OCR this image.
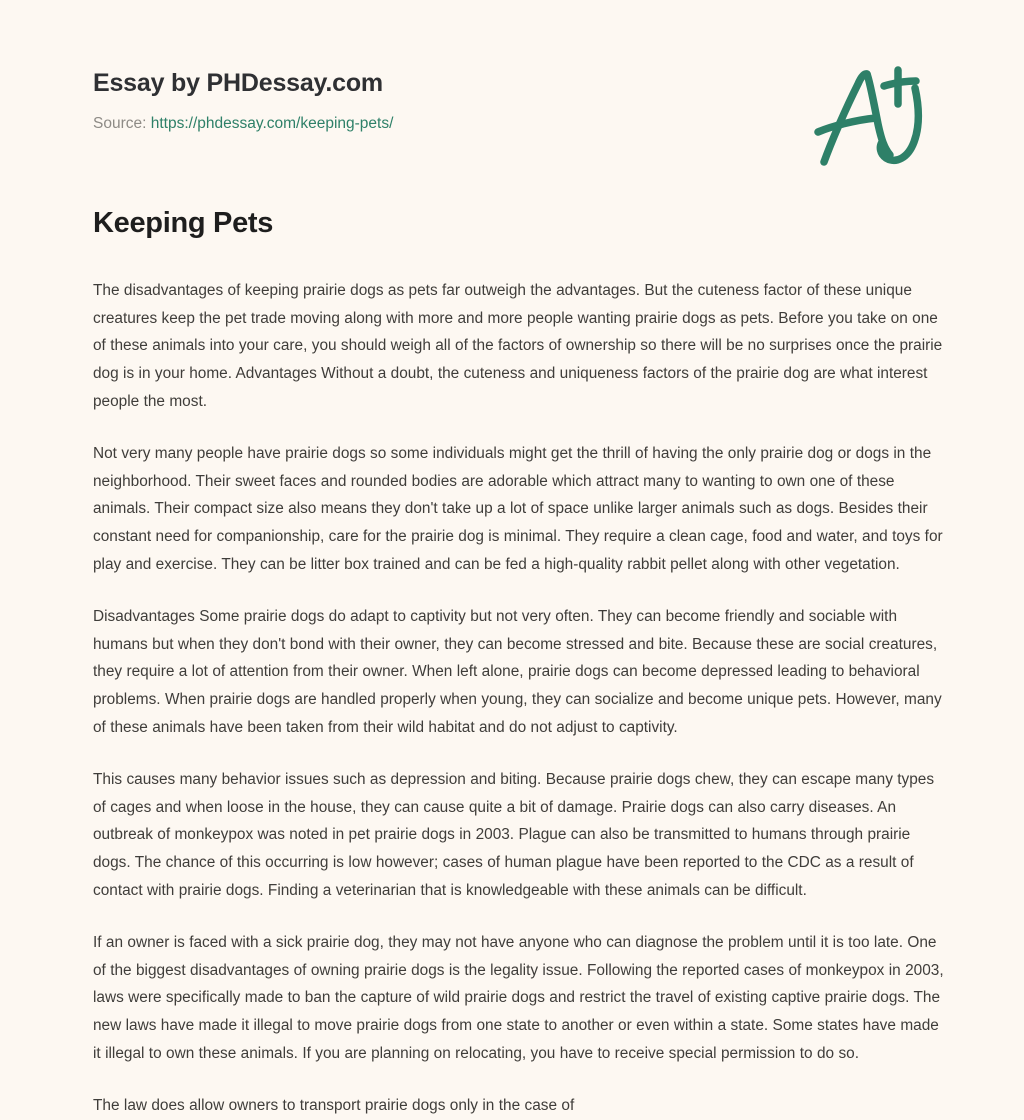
Essay by PHDessay.com
Source: https://phdessay.com/keeping-pets/
Keeping Pets

The disadvantages of keeping prairie dogs as pets far outweigh the advantages. But the cuteness factor of these unique creatures keep the pet trade moving along with more and more people wanting prairie dogs as pets. Before you take on one of these animals into your care, you should weigh all of the factors of ownership so there will be no surprises once the prairie dog is in your home. Advantages Without a doubt, the cuteness and uniqueness factors of the prairie dog are what interest people the most.

Not very many people have prairie dogs so some individuals might get the thrill of having the only prairie dog or dogs in the neighborhood. Their sweet faces and rounded bodies are adorable which attract many to wanting to own one of these animals. Their compact size also means they don't take up a lot of space unlike larger animals such as dogs. Besides their constant need for companionship, care for the prairie dog is minimal. They require a clean cage, food and water, and toys for play and exercise. They can be litter box trained and can be fed a high-quality rabbit pellet along with other vegetation.

Disadvantages Some prairie dogs do adapt to captivity but not very often. They can become friendly and sociable with humans but when they don't bond with their owner, they can become stressed and bite. Because these are social creatures, they require a lot of attention from their owner. When left alone, prairie dogs can become depressed leading to behavioral problems. When prairie dogs are handled properly when young, they can socialize and become unique pets. However, many of these animals have been taken from their wild habitat and do not adjust to captivity.

This causes many behavior issues such as depression and biting. Because prairie dogs chew, they can escape many types of cages and when loose in the house, they can cause quite a bit of damage. Prairie dogs can also carry diseases. An outbreak of monkeypox was noted in pet prairie dogs in 2003. Plague can also be transmitted to humans through prairie dogs. The chance of this occurring is low however; cases of human plague have been reported to the CDC as a result of contact with prairie dogs. Finding a veterinarian that is knowledgeable with these animals can be difficult.

If an owner is faced with a sick prairie dog, they may not have anyone who can diagnose the problem until it is too late. One of the biggest disadvantages of owning prairie dogs is the legality issue. Following the reported cases of monkeypox in 2003, laws were specifically made to ban the capture of wild prairie dogs and restrict the travel of existing captive prairie dogs. The new laws have made it illegal to move prairie dogs from one state to another or even within a state. Some states have made it illegal to own these animals. If you are planning on relocating, you have to receive special permission to do so.

The law does allow owners to transport prairie dogs only in the case of
